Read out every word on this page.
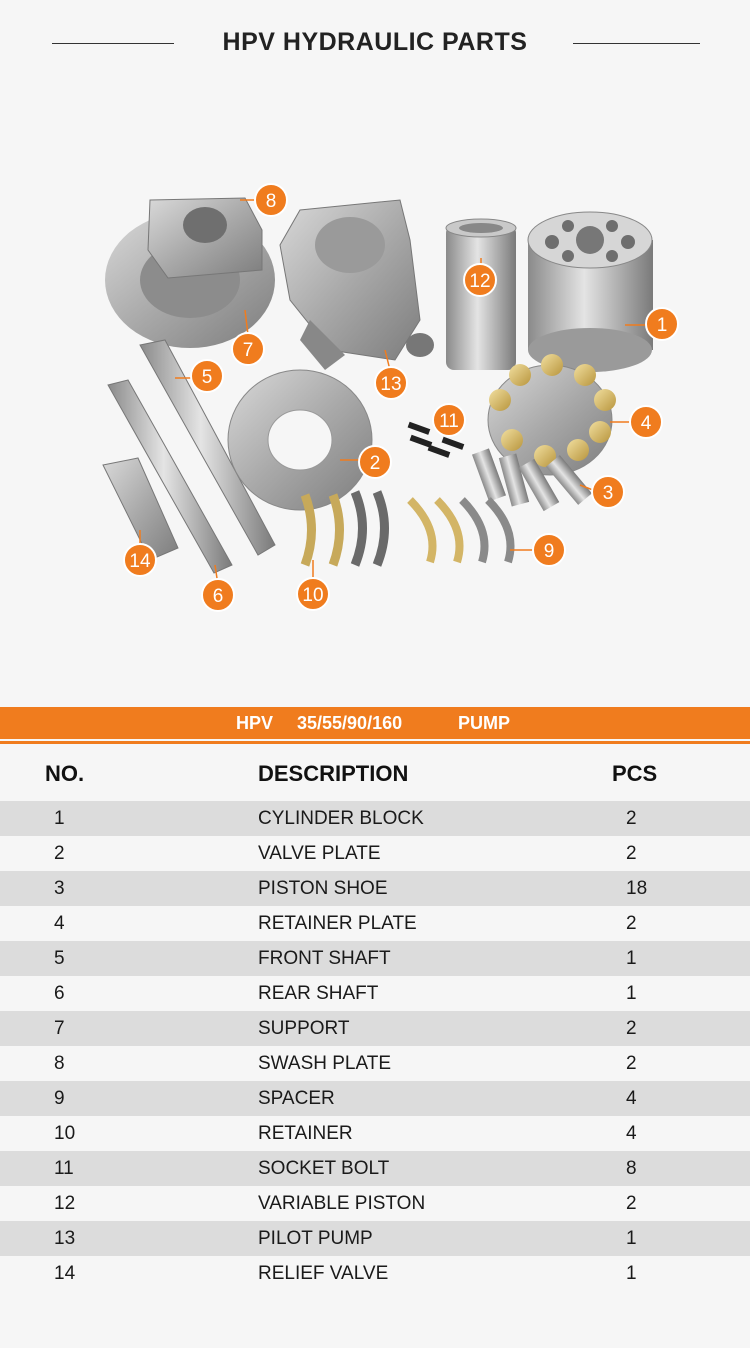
HPV HYDRAULIC PARTS
1
2
3
4
5
6
7
8
9
10
11
12
13
14
HPV 35/55/90/160	PUMP
NO.	DESCRIPTION	PCS
1	CYLINDER BLOCK	2
2	VALVE PLATE	2
3	PISTON SHOE	18
4	RETAINER PLATE	2
5	FRONT SHAFT	1
6	REAR SHAFT	1
7	SUPPORT	2
8	SWASH PLATE	2
9	SPACER	4
10	RETAINER	4
11	SOCKET BOLT	8
12	VARIABLE PISTON	2
13	PILOT PUMP	1
14	RELIEF VALVE	1
